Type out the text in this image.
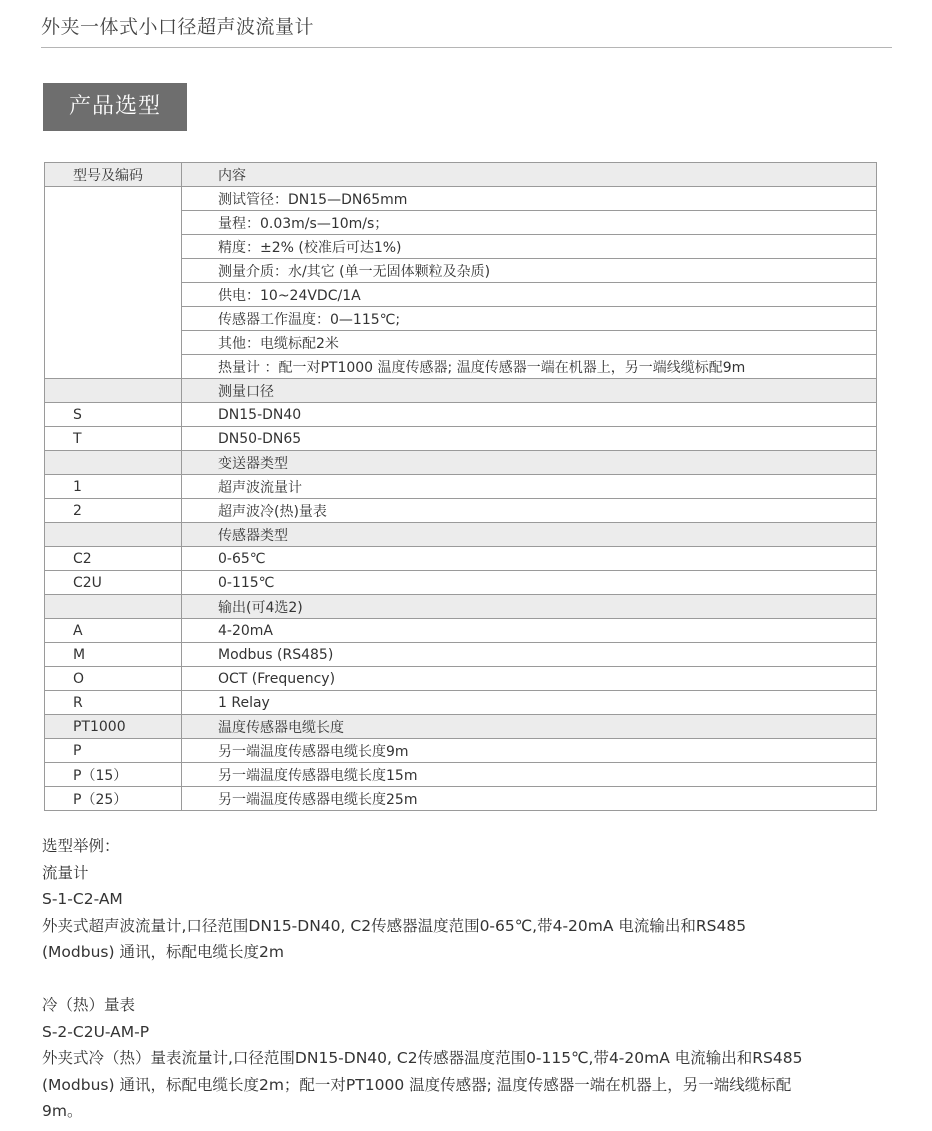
外夹一体式小口径超声波流量计
产品选型
型号及编码	内容
	测试管径：DN15—DN65mm
	量程：0.03m/s—10m/s；
	精度：±2% (校准后可达1%)
	测量介质：水/其它 (单一无固体颗粒及杂质)
	供电：10~24VDC/1A
	传感器工作温度：0—115℃;
	其他：电缆标配2米
	热量计 ：配一对PT1000 温度传感器; 温度传感器一端在机器上，另一端线缆标配9m
	测量口径
S	DN15-DN40
T	DN50-DN65
	变送器类型
1	超声波流量计
2	超声波冷(热)量表
	传感器类型
C2	0-65℃
C2U	0-115℃
	输出(可4选2)
A	4-20mA
M	Modbus (RS485)
O	OCT (Frequency)
R	1 Relay
PT1000	温度传感器电缆长度
P	另一端温度传感器电缆长度9m
P（15）	另一端温度传感器电缆长度15m
P（25）	另一端温度传感器电缆长度25m

选型举例：

流量计

S-1-C2-AM

外夹式超声波流量计,口径范围DN15-DN40, C2传感器温度范围0-65℃,带4-20mA 电流输出和RS485

(Modbus) 通讯，标配电缆长度2m

冷（热）量表

S-2-C2U-AM-P

外夹式冷（热）量表流量计,口径范围DN15-DN40, C2传感器温度范围0-115℃,带4-20mA 电流输出和RS485

(Modbus) 通讯，标配电缆长度2m；配一对PT1000 温度传感器; 温度传感器一端在机器上，另一端线缆标配

9m。
